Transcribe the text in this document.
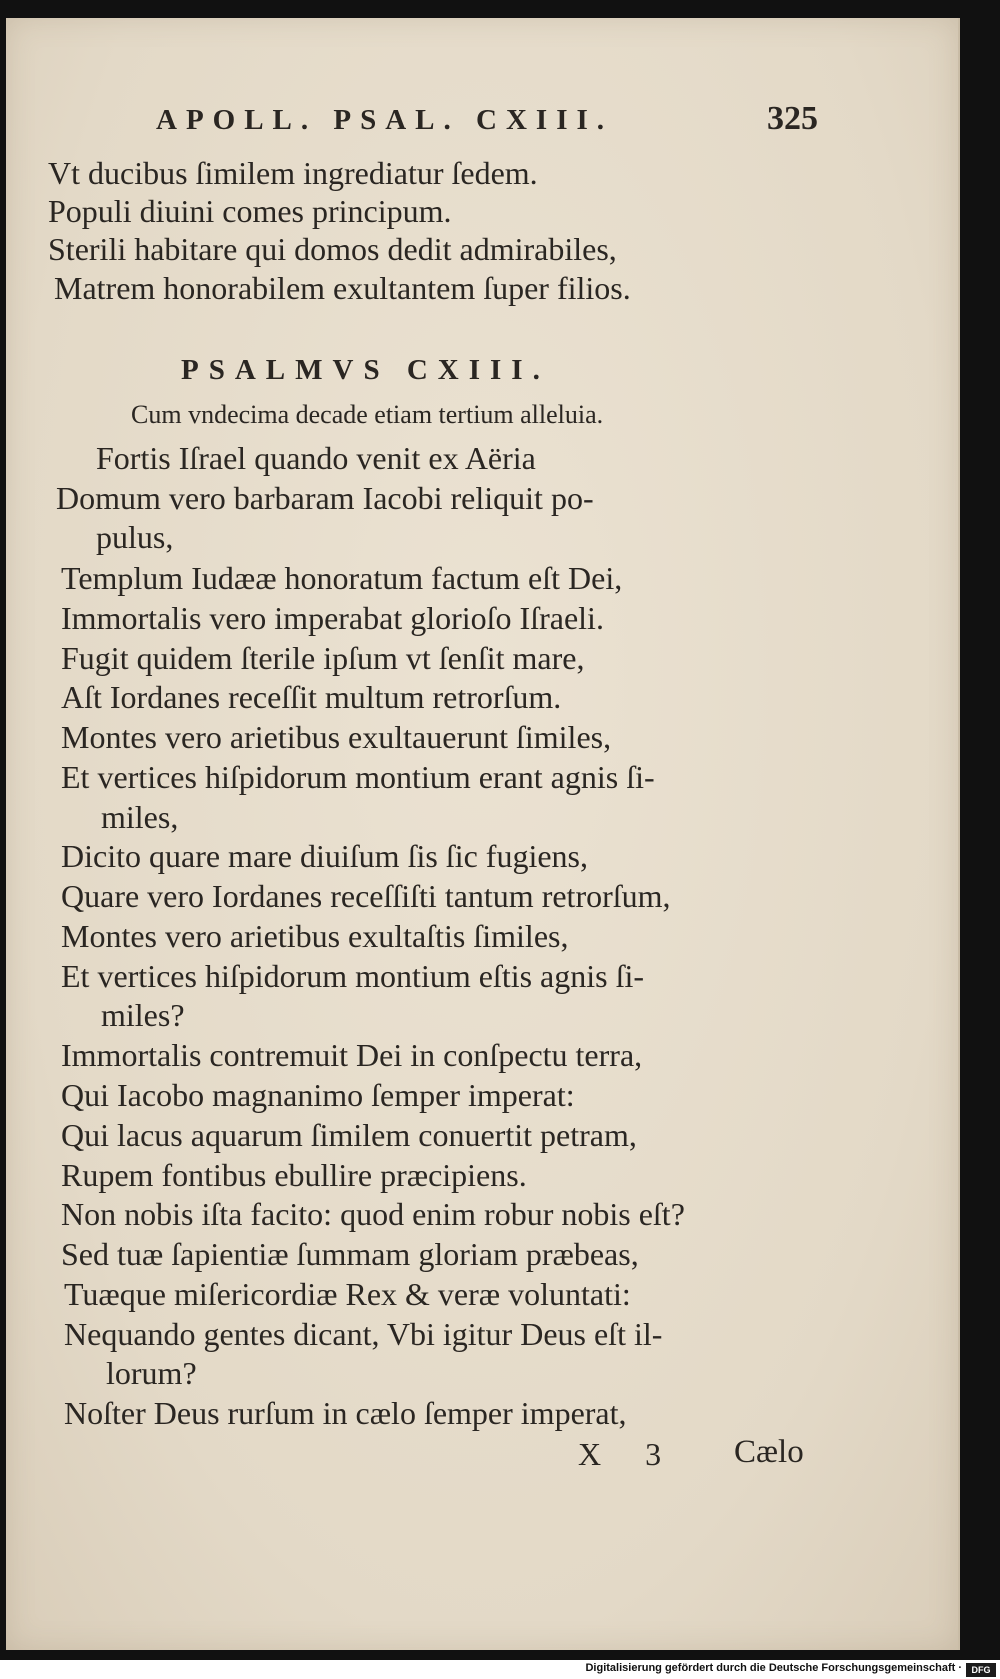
APOLL. PSAL. CXIII.	325
Vt ducibus ſimilem ingrediatur ſedem.
Populi diuini comes principum.
Sterili habitare qui domos dedit admirabiles,
Matrem honorabilem exultantem ſuper filios.
PSALMVS CXIII.
Cum vndecima decade etiam tertium alleluia.
Fortis Iſrael quando venit ex Aëria
Domum vero barbaram Iacobi reliquit po-
pulus,
Templum Iudææ honoratum factum eſt Dei,
Immortalis vero imperabat glorioſo Iſraeli.
Fugit quidem ſterile ipſum vt ſenſit mare,
Aſt Iordanes receſſit multum retrorſum.
Montes vero arietibus exultauerunt ſimiles,
Et vertices hiſpidorum montium erant agnis ſi-
miles,
Dicito quare mare diuiſum ſis ſic fugiens,
Quare vero Iordanes receſſiſti tantum retrorſum,
Montes vero arietibus exultaſtis ſimiles,
Et vertices hiſpidorum montium eſtis agnis ſi-
miles?
Immortalis contremuit Dei in conſpectu terra,
Qui Iacobo magnanimo ſemper imperat:
Qui lacus aquarum ſimilem conuertit petram,
Rupem fontibus ebullire præcipiens.
Non nobis iſta facito: quod enim robur nobis eſt?
Sed tuæ ſapientiæ ſummam gloriam præbeas,
Tuæque miſericordiæ Rex & veræ voluntati:
Nequando gentes dicant, Vbi igitur Deus eſt il-
lorum?
Noſter Deus rurſum in cælo ſemper imperat,
X 3 Cælo
Digitalisierung gefördert durch die Deutsche Forschungsgemeinschaft ·	DFG
